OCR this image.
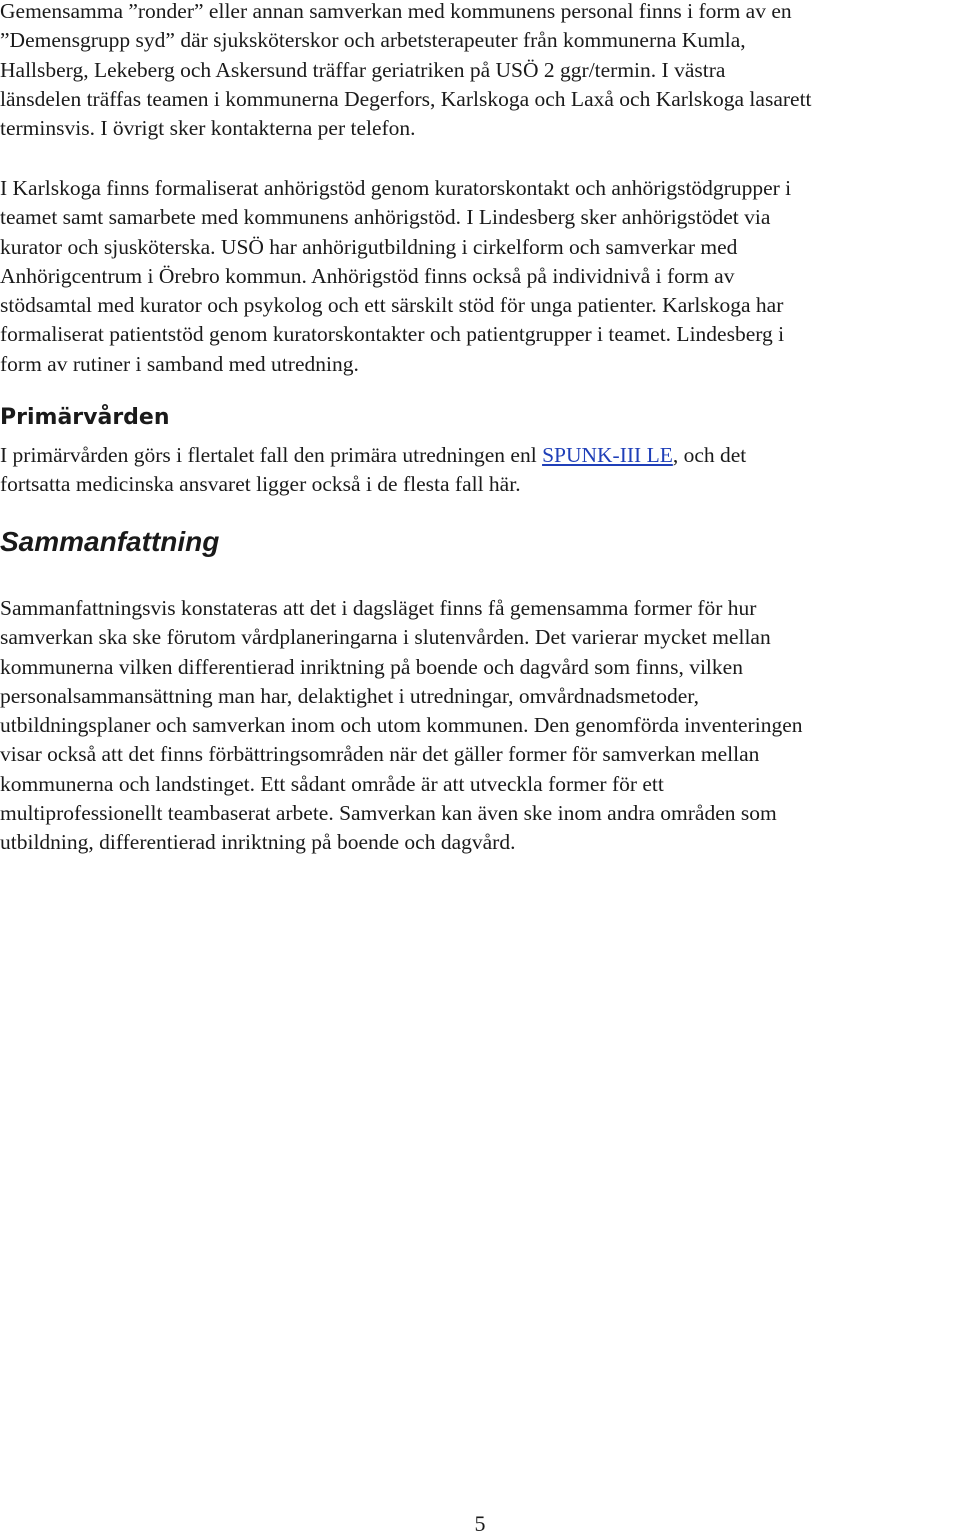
Gemensamma ”ronder” eller annan samverkan med kommunens personal finns i form av en
”Demensgrupp syd” där sjuksköterskor och arbetsterapeuter från kommunerna Kumla,
Hallsberg, Lekeberg och Askersund träffar geriatriken på USÖ 2 ggr/termin. I västra
länsdelen träffas teamen i kommunerna Degerfors, Karlskoga och Laxå och Karlskoga lasarett
terminsvis. I övrigt sker kontakterna per telefon.

I Karlskoga finns formaliserat anhörigstöd genom kuratorskontakt och anhörigstödgrupper i
teamet samt samarbete med kommunens anhörigstöd. I Lindesberg sker anhörigstödet via
kurator och sjusköterska. USÖ har anhörigutbildning i cirkelform och samverkar med
Anhörigcentrum i Örebro kommun. Anhörigstöd finns också på individnivå i form av
stödsamtal med kurator och psykolog och ett särskilt stöd för unga patienter. Karlskoga har
formaliserat patientstöd genom kuratorskontakter och patientgrupper i teamet. Lindesberg i
form av rutiner i samband med utredning.

Primärvården

I primärvården görs i flertalet fall den primära utredningen enl SPUNK-III LE, och det
fortsatta medicinska ansvaret ligger också i de flesta fall här.

Sammanfattning

Sammanfattningsvis konstateras att det i dagsläget finns få gemensamma former för hur
samverkan ska ske förutom vårdplaneringarna i slutenvården. Det varierar mycket mellan
kommunerna vilken differentierad inriktning på boende och dagvård som finns, vilken
personalsammansättning man har, delaktighet i utredningar, omvårdnadsmetoder,
utbildningsplaner och samverkan inom och utom kommunen. Den genomförda inventeringen
visar också att det finns förbättringsområden när det gäller former för samverkan mellan
kommunerna och landstinget. Ett sådant område är att utveckla former för ett
multiprofessionellt teambaserat arbete. Samverkan kan även ske inom andra områden som
utbildning, differentierad inriktning på boende och dagvård.

5
